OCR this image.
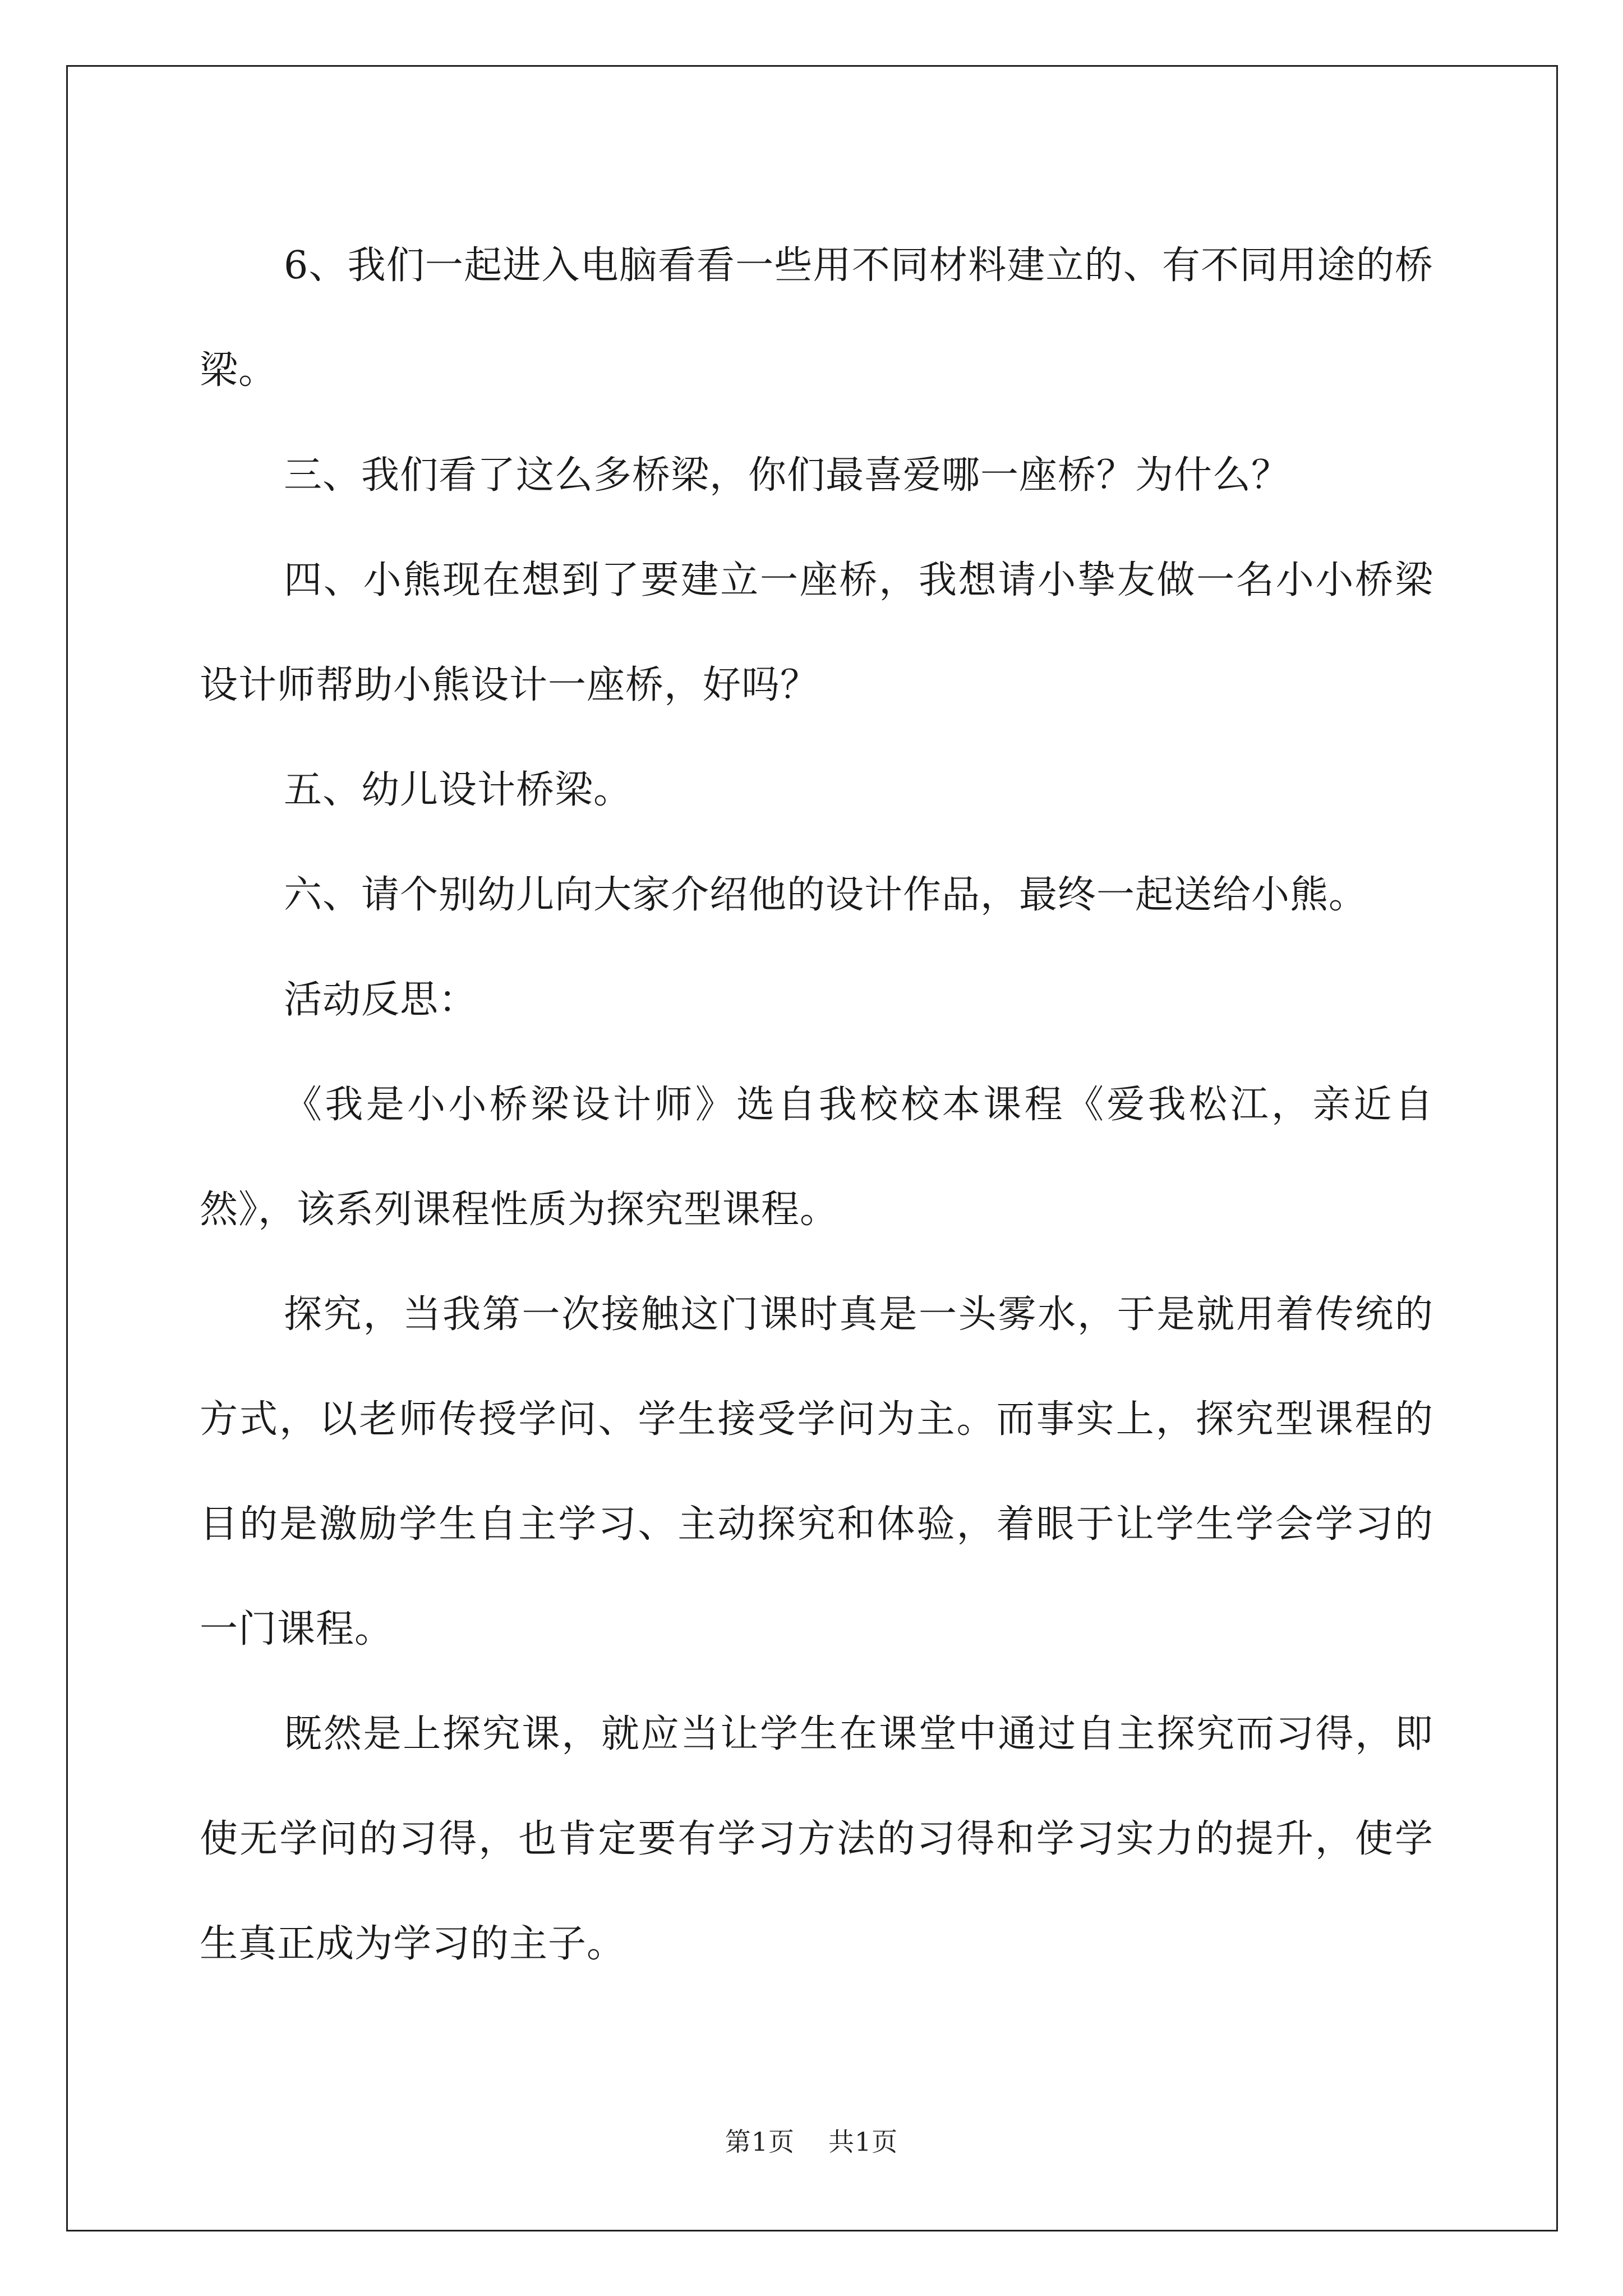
6、我们一起进入电脑看看一些用不同材料建立的、有不同用途的桥梁。

三、我们看了这么多桥梁，你们最喜爱哪一座桥？为什么？

四、小熊现在想到了要建立一座桥，我想请小挚友做一名小小桥梁设计师帮助小熊设计一座桥，好吗？

五、幼儿设计桥梁。

六、请个别幼儿向大家介绍他的设计作品，最终一起送给小熊。

活动反思：

《我是小小桥梁设计师》选自我校校本课程《爱我松江，亲近自然》，该系列课程性质为探究型课程。

探究，当我第一次接触这门课时真是一头雾水，于是就用着传统的方式，以老师传授学问、学生接受学问为主。而事实上，探究型课程的目的是激励学生自主学习、主动探究和体验，着眼于让学生学会学习的一门课程。

既然是上探究课，就应当让学生在课堂中通过自主探究而习得，即使无学问的习得，也肯定要有学习方法的习得和学习实力的提升，使学生真正成为学习的主子。

第1页 共1页
